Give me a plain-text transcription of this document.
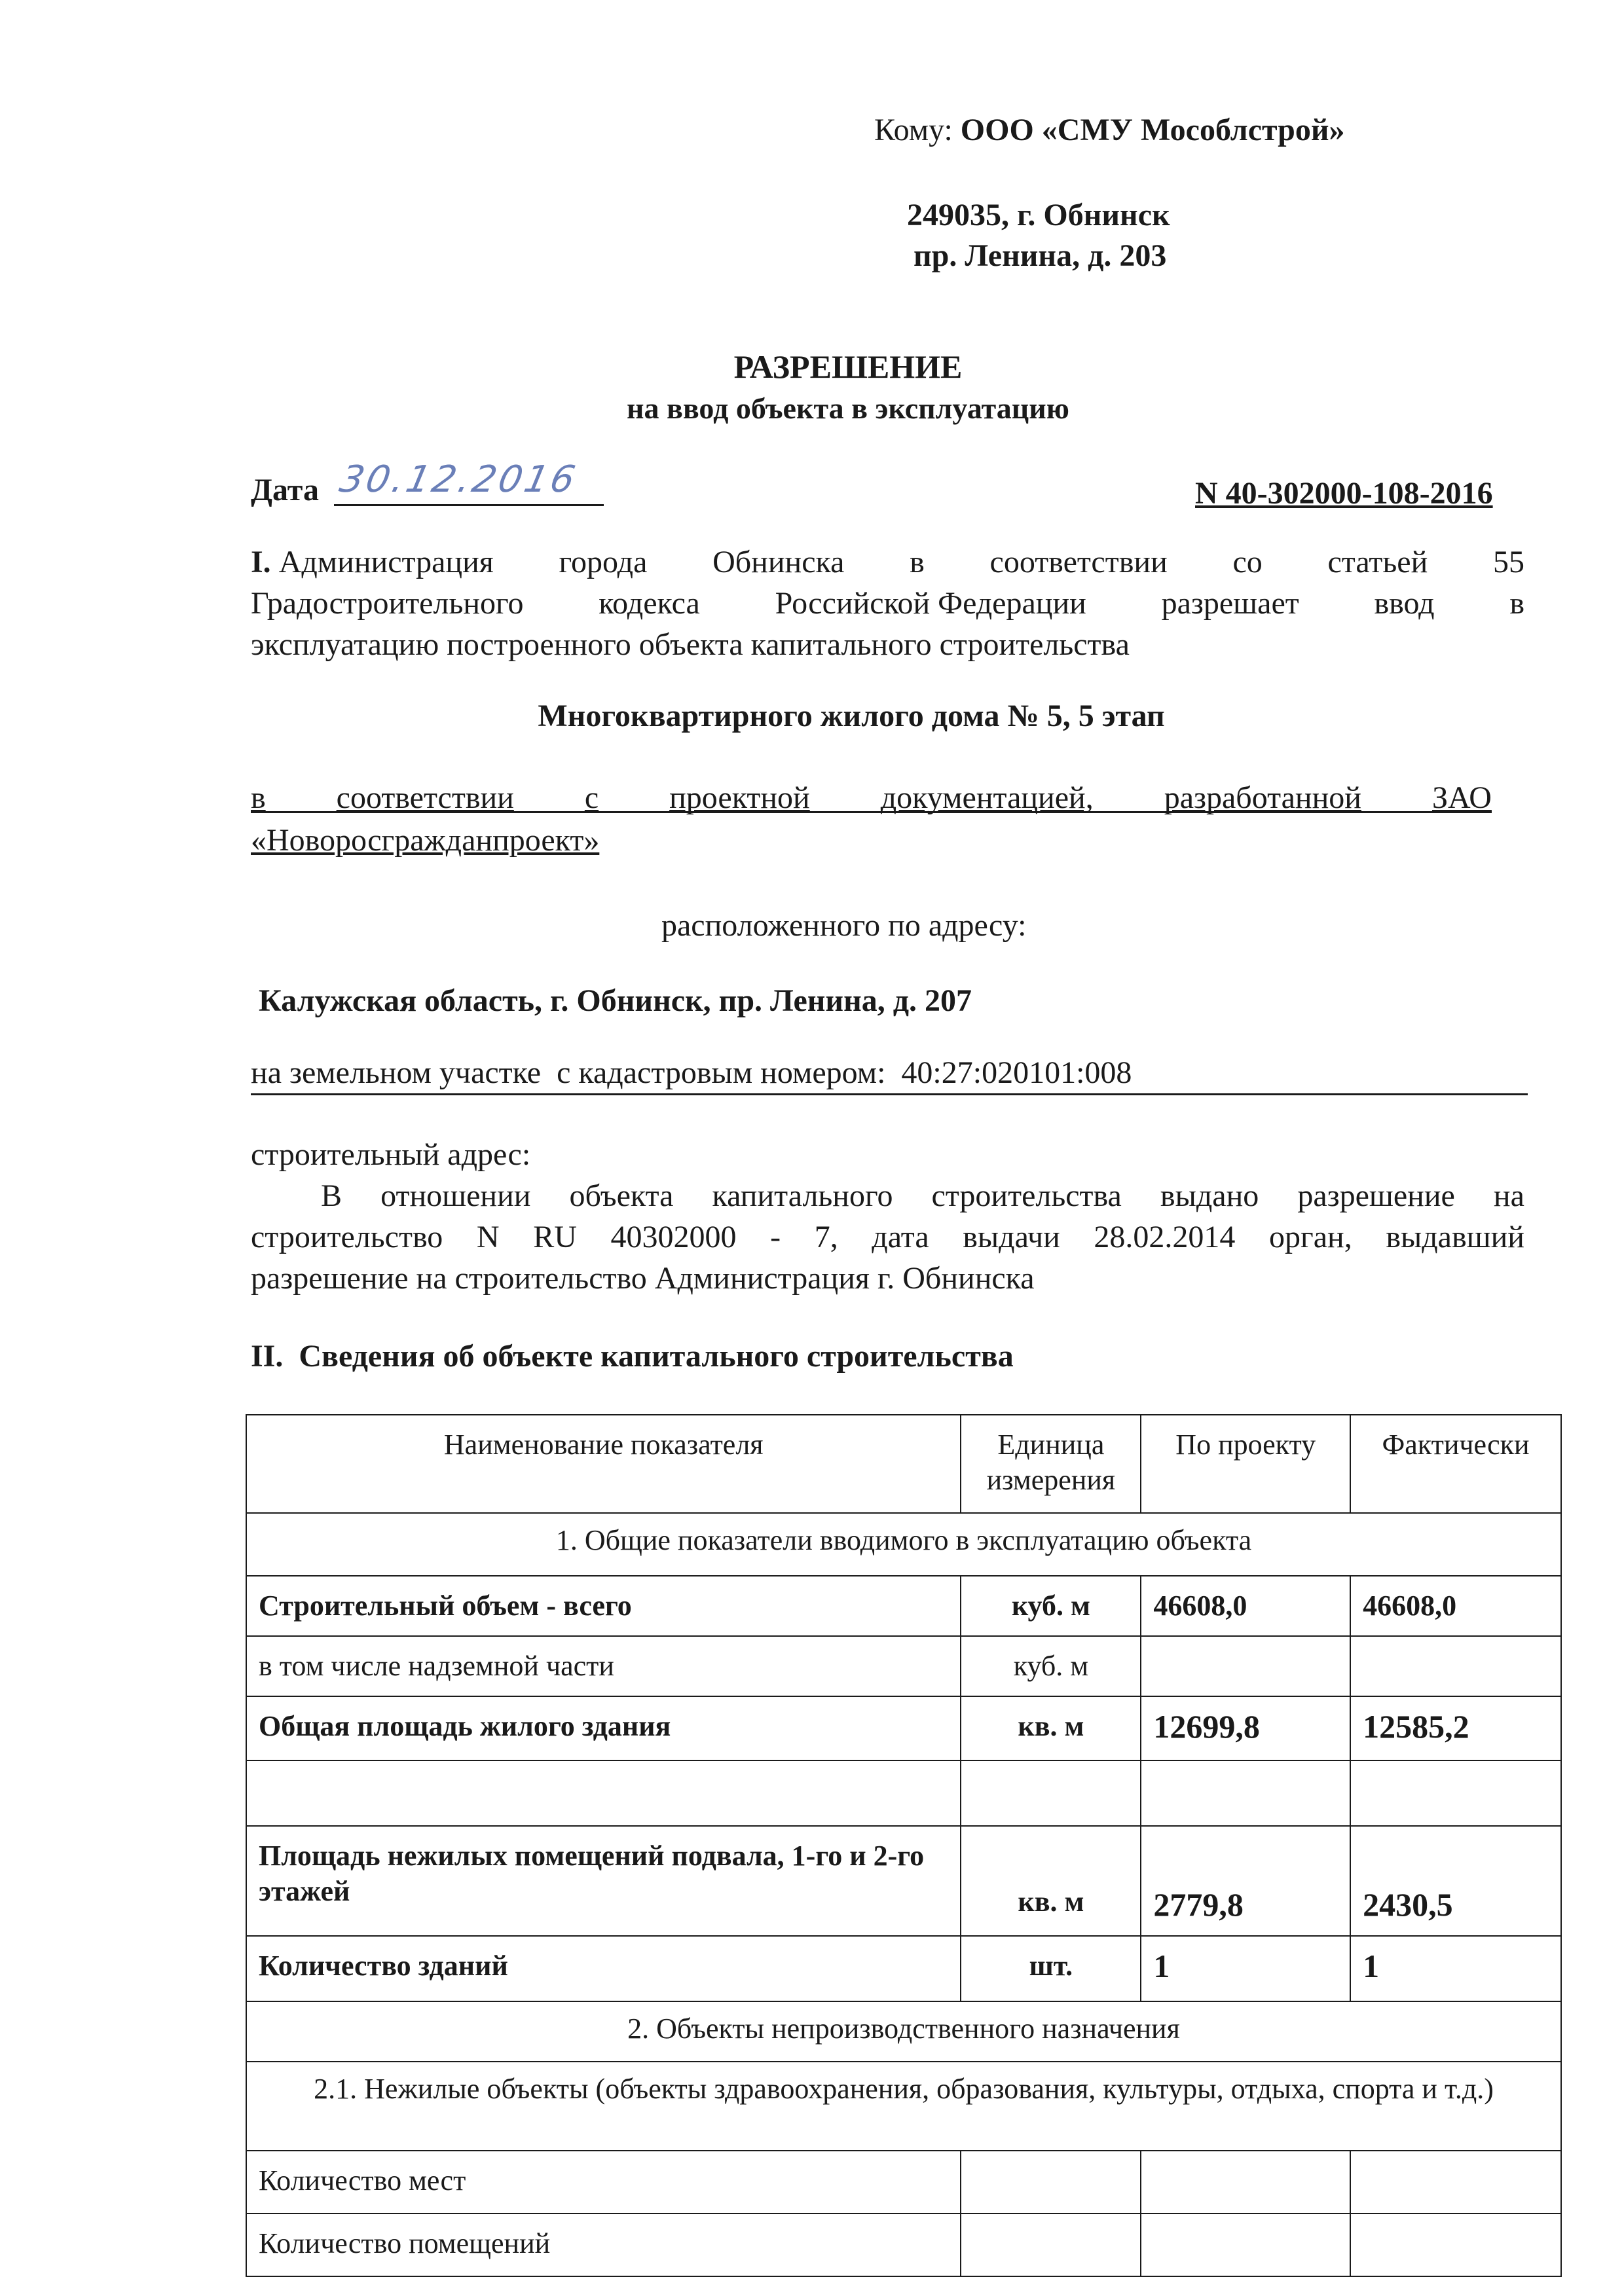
Кому: ООО «СМУ Мособлстрой»
249035, г. Обнинск
пр. Ленина, д. 203
РАЗРЕШЕНИЕ
на ввод объекта в эксплуатацию
Дата 30.12.2016	N 40-302000-108-2016
I. Администрация города Обнинска в соответствии со статьей 55
Градостроительного кодекса Российской Федерации разрешает ввод в
эксплуатацию построенного объекта капитального строительства
Многоквартирного жилого дома № 5, 5 этап
в соответствии с проектной документацией, разработанной ЗАО
«Новоросгражданпроект»
расположенного по адресу:
Калужская область, г. Обнинск, пр. Ленина, д. 207
на земельном участке  с кадастровым номером:  40:27:020101:008
строительный адрес:
В отношении объекта капитального строительства выдано разрешение на
строительство N RU 40302000 - 7, дата выдачи 28.02.2014 орган, выдавший
разрешение на строительство Администрация г. Обнинска
II.  Сведения об объекте капитального строительства
Наименование показателя	Единица измерения	По проекту	Фактически
1. Общие показатели вводимого в эксплуатацию объекта			
Строительный объем - всего	куб. м	46608,0	46608,0
в том числе надземной части	куб. м		
Общая площадь жилого здания	кв. м	12699,8	12585,2

Площадь нежилых помещений подвала, 1-го и 2-го этажей	кв. м	2779,8	2430,5
Количество зданий	шт.	1	1
2. Объекты непроизводственного назначения			
2.1. Нежилые объекты (объекты здравоохранения, образования, культуры, отдыха, спорта и т.д.)			
Количество мест			
Количество помещений			
